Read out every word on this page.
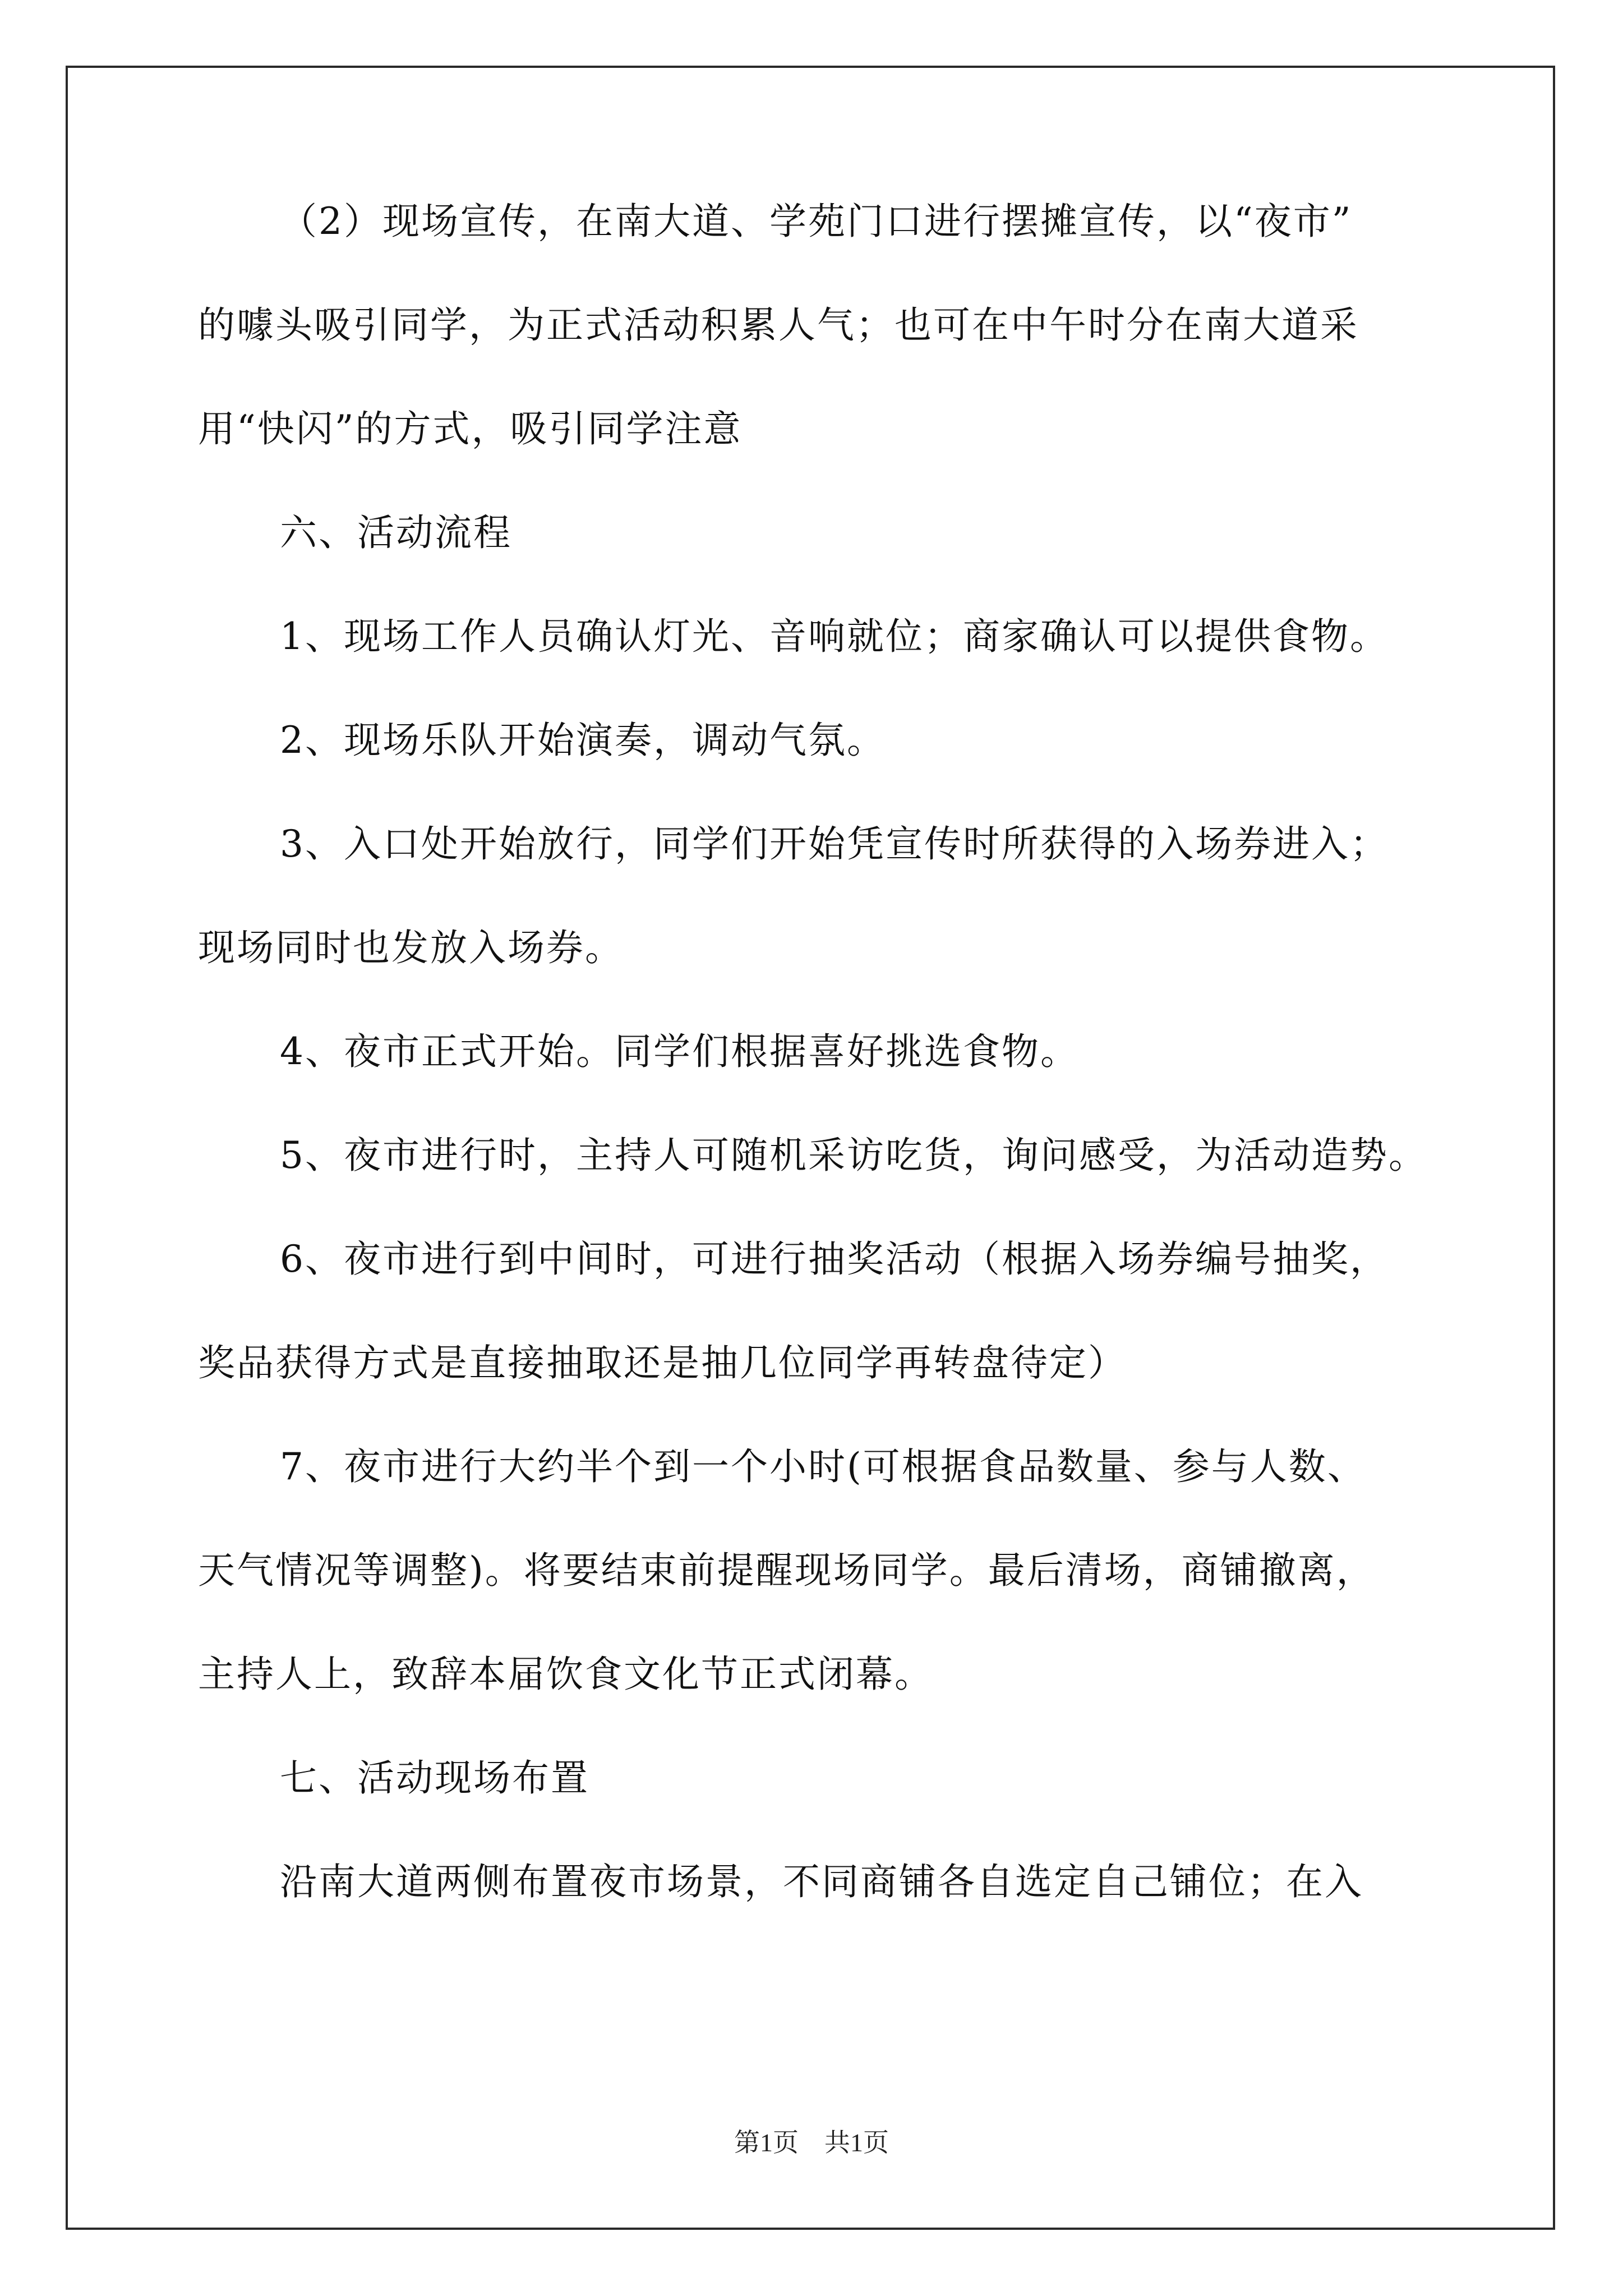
（2）现场宣传，在南大道、学苑门口进行摆摊宣传，以“夜市”
的噱头吸引同学，为正式活动积累人气；也可在中午时分在南大道采
用“快闪”的方式，吸引同学注意
六、活动流程
1、现场工作人员确认灯光、音响就位；商家确认可以提供食物。
2、现场乐队开始演奏，调动气氛。
3、入口处开始放行，同学们开始凭宣传时所获得的入场券进入；
现场同时也发放入场券。
4、夜市正式开始。同学们根据喜好挑选食物。
5、夜市进行时，主持人可随机采访吃货，询问感受，为活动造势。
6、夜市进行到中间时，可进行抽奖活动（根据入场券编号抽奖，
奖品获得方式是直接抽取还是抽几位同学再转盘待定）
7、夜市进行大约半个到一个小时(可根据食品数量、参与人数、
天气情况等调整)。将要结束前提醒现场同学。最后清场，商铺撤离，
主持人上，致辞本届饮食文化节正式闭幕。
七、活动现场布置
沿南大道两侧布置夜市场景，不同商铺各自选定自己铺位；在入
第1页　共1页
